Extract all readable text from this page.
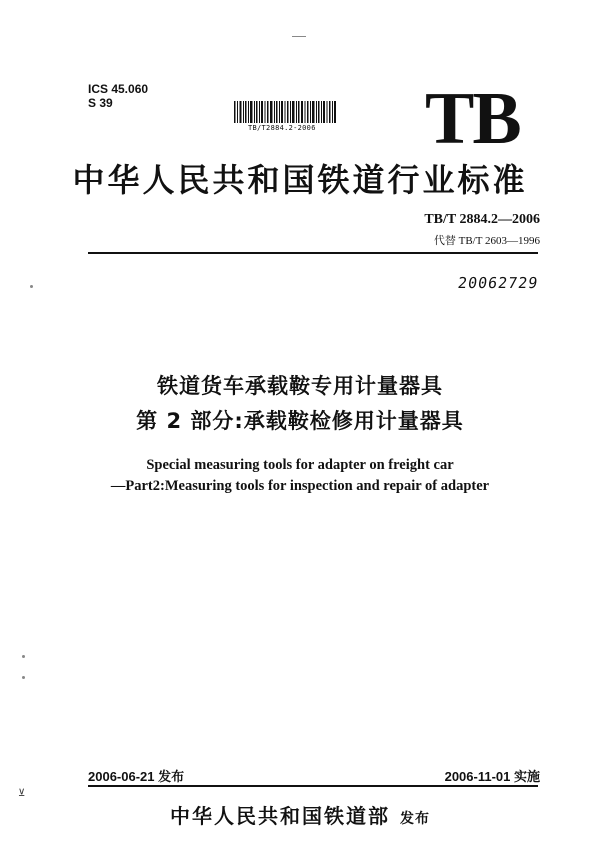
ICS 45.060
S 39
TB/T2884.2-2006 TB
中华人民共和国铁道行业标准
TB/T 2884.2—2006
代替 TB/T 2603—1996
20062729
铁道货车承载鞍专用计量器具
第 2 部分:承载鞍检修用计量器具
Special measuring tools for adapter on freight car
—Part2:Measuring tools for inspection and repair of adapter
2006-06-21 发布	2006-11-01 实施
⊻
中华人民共和国铁道部 发布
